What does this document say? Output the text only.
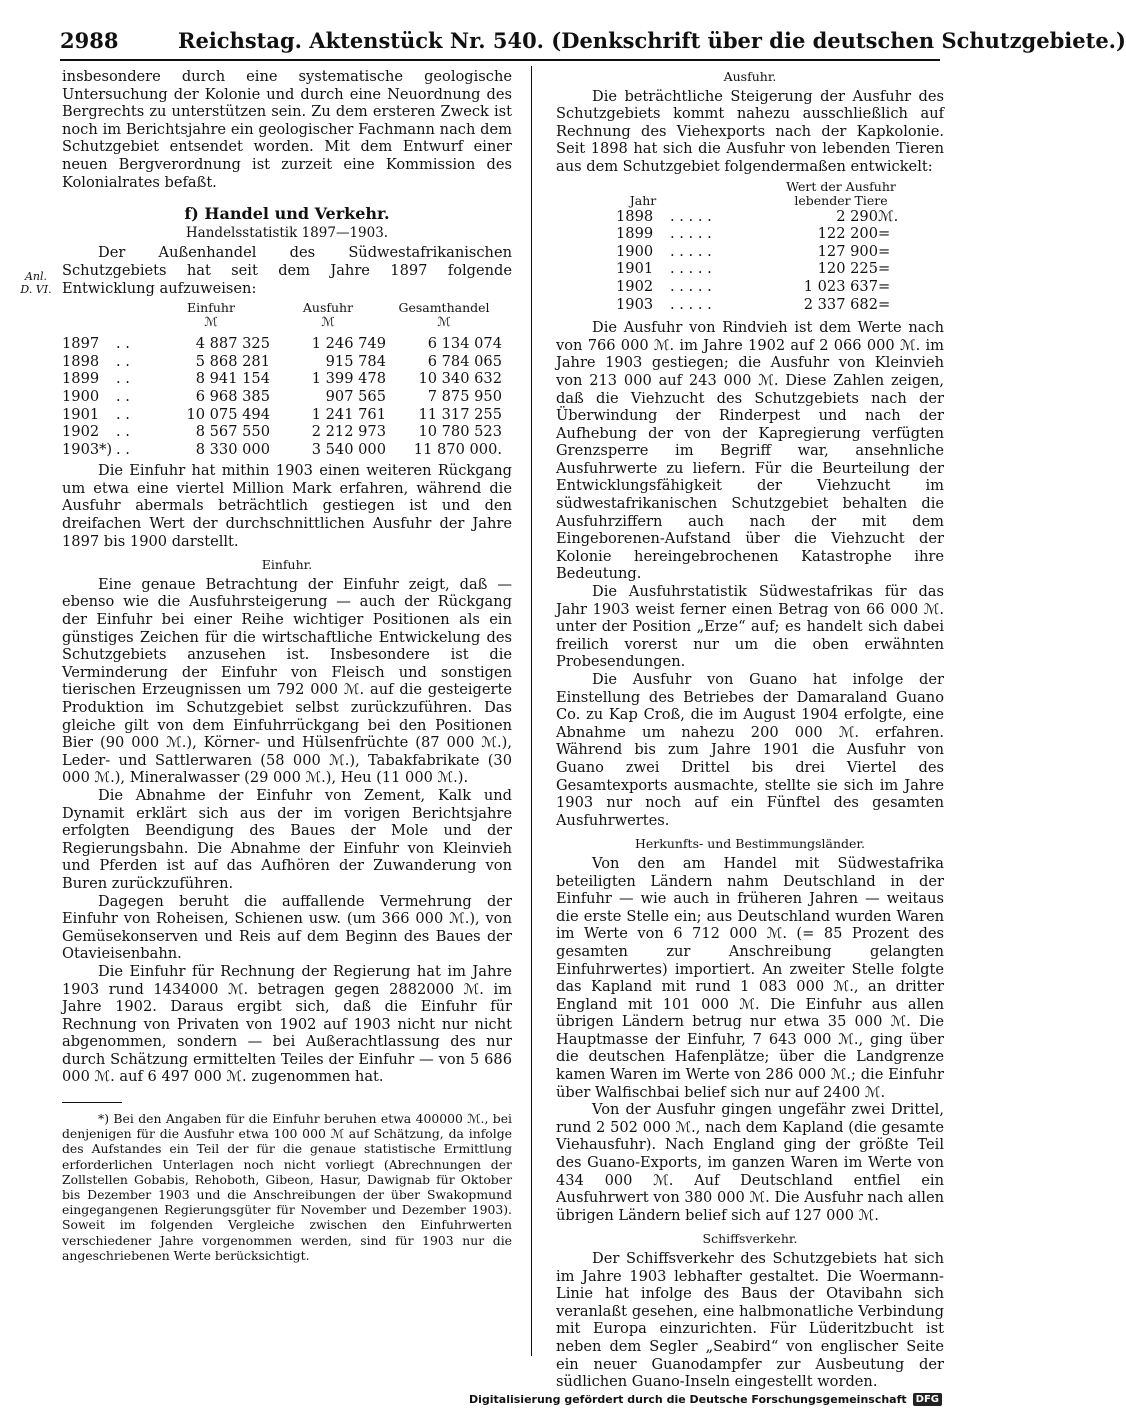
2988	Reichstag. Aktenstück Nr. 540. (Denkschrift über die deutschen Schutzgebiete.)
Anl.
D. VI.

insbesondere durch eine systematische geologische Untersuchung der Kolonie und durch eine Neuordnung des Bergrechts zu unterstützen sein. Zu dem ersteren Zweck ist noch im Berichtsjahre ein geologischer Fachmann nach dem Schutzgebiet entsendet worden. Mit dem Entwurf einer neuen Bergverordnung ist zurzeit eine Kommission des Kolonialrates befaßt.

f) Handel und Verkehr.
Handelsstatistik 1897—1903.

Der Außenhandel des Südwestafrikanischen Schutzgebiets hat seit dem Jahre 1897 folgende Entwicklung aufzuweisen:

		Einfuhr	Ausfuhr	Gesamthandel
		ℳ	ℳ	ℳ

1897	. .	4 887 325	1 246 749	6 134 074
1898	. .	5 868 281	915 784	6 784 065
1899	. .	8 941 154	1 399 478	10 340 632
1900	. .	6 968 385	907 565	7 875 950
1901	. .	10 075 494	1 241 761	11 317 255
1902	. .	8 567 550	2 212 973	10 780 523
1903*)	. .	8 330 000	3 540 000	11 870 000.

Die Einfuhr hat mithin 1903 einen weiteren Rückgang um etwa eine viertel Million Mark erfahren, während die Ausfuhr abermals beträchtlich gestiegen ist und den dreifachen Wert der durchschnittlichen Ausfuhr der Jahre 1897 bis 1900 darstellt.

Einfuhr.

Eine genaue Betrachtung der Einfuhr zeigt, daß — ebenso wie die Ausfuhrsteigerung — auch der Rückgang der Einfuhr bei einer Reihe wichtiger Positionen als ein günstiges Zeichen für die wirtschaftliche Entwickelung des Schutzgebiets anzusehen ist. Insbesondere ist die Verminderung der Einfuhr von Fleisch und sonstigen tierischen Erzeugnissen um 792 000 ℳ. auf die gesteigerte Produktion im Schutzgebiet selbst zurückzuführen. Das gleiche gilt von dem Einfuhrrückgang bei den Positionen Bier (90 000 ℳ.), Körner- und Hülsenfrüchte (87 000 ℳ.), Leder- und Sattlerwaren (58 000 ℳ.), Tabakfabrikate (30 000 ℳ.), Mineralwasser (29 000 ℳ.), Heu (11 000 ℳ.).

Die Abnahme der Einfuhr von Zement, Kalk und Dynamit erklärt sich aus der im vorigen Berichtsjahre erfolgten Beendigung des Baues der Mole und der Regierungsbahn. Die Abnahme der Einfuhr von Kleinvieh und Pferden ist auf das Aufhören der Zuwanderung von Buren zurückzuführen.

Dagegen beruht die auffallende Vermehrung der Einfuhr von Roheisen, Schienen usw. (um 366 000 ℳ.), von Gemüsekonserven und Reis auf dem Beginn des Baues der Otavieisenbahn.

Die Einfuhr für Rechnung der Regierung hat im Jahre 1903 rund 1434000 ℳ. betragen gegen 2882000 ℳ. im Jahre 1902. Daraus ergibt sich, daß die Einfuhr für Rechnung von Privaten von 1902 auf 1903 nicht nur nicht abgenommen, sondern — bei Außerachtlassung des nur durch Schätzung ermittelten Teiles der Einfuhr — von 5 686 000 ℳ. auf 6 497 000 ℳ. zugenommen hat.

*) Bei den Angaben für die Einfuhr beruhen etwa 400000 ℳ., bei denjenigen für die Ausfuhr etwa 100 000 ℳ auf Schätzung, da infolge des Aufstandes ein Teil der für die genaue statistische Ermittlung erforderlichen Unterlagen noch nicht vorliegt (Abrechnungen der Zollstellen Gobabis, Rehoboth, Gibeon, Hasur, Dawignab für Oktober bis Dezember 1903 und die Anschreibungen der über Swakopmund eingegangenen Regierungsgüter für November und Dezember 1903). Soweit im folgenden Vergleiche zwischen den Einfuhrwerten verschiedener Jahre vorgenommen werden, sind für 1903 nur die angeschriebenen Werte berücksichtigt.

Ausfuhr.

Die beträchtliche Steigerung der Ausfuhr des Schutzgebiets kommt nahezu ausschließlich auf Rechnung des Viehexports nach der Kapkolonie. Seit 1898 hat sich die Ausfuhr von lebenden Tieren aus dem Schutzgebiet folgendermaßen entwickelt:

Jahr		Wert der Ausfuhr lebender Tiere	
1898	. . . . .	2 290	ℳ.
1899	. . . . .	122 200	=
1900	. . . . .	127 900	=
1901	. . . . .	120 225	=
1902	. . . . .	1 023 637	=
1903	. . . . .	2 337 682	=

Die Ausfuhr von Rindvieh ist dem Werte nach von 766 000 ℳ. im Jahre 1902 auf 2 066 000 ℳ. im Jahre 1903 gestiegen; die Ausfuhr von Kleinvieh von 213 000 auf 243 000 ℳ. Diese Zahlen zeigen, daß die Viehzucht des Schutzgebiets nach der Überwindung der Rinderpest und nach der Aufhebung der von der Kapregierung verfügten Grenzsperre im Begriff war, ansehnliche Ausfuhrwerte zu liefern. Für die Beurteilung der Entwicklungsfähigkeit der Viehzucht im südwestafrikanischen Schutzgebiet behalten die Ausfuhrziffern auch nach der mit dem Eingeborenen-Aufstand über die Viehzucht der Kolonie hereingebrochenen Katastrophe ihre Bedeutung.

Die Ausfuhrstatistik Südwestafrikas für das Jahr 1903 weist ferner einen Betrag von 66 000 ℳ. unter der Position „Erze“ auf; es handelt sich dabei freilich vorerst nur um die oben erwähnten Probesendungen.

Die Ausfuhr von Guano hat infolge der Einstellung des Betriebes der Damaraland Guano Co. zu Kap Croß, die im August 1904 erfolgte, eine Abnahme um nahezu 200 000 ℳ. erfahren. Während bis zum Jahre 1901 die Ausfuhr von Guano zwei Drittel bis drei Viertel des Gesamtexports ausmachte, stellte sie sich im Jahre 1903 nur noch auf ein Fünftel des gesamten Ausfuhrwertes.

Herkunfts- und Bestimmungsländer.

Von den am Handel mit Südwestafrika beteiligten Ländern nahm Deutschland in der Einfuhr — wie auch in früheren Jahren — weitaus die erste Stelle ein; aus Deutschland wurden Waren im Werte von 6 712 000 ℳ. (= 85 Prozent des gesamten zur Anschreibung gelangten Einfuhrwertes) importiert. An zweiter Stelle folgte das Kapland mit rund 1 083 000 ℳ., an dritter England mit 101 000 ℳ. Die Einfuhr aus allen übrigen Ländern betrug nur etwa 35 000 ℳ. Die Hauptmasse der Einfuhr, 7 643 000 ℳ., ging über die deutschen Hafenplätze; über die Landgrenze kamen Waren im Werte von 286 000 ℳ.; die Einfuhr über Walfischbai belief sich nur auf 2400 ℳ.

Von der Ausfuhr gingen ungefähr zwei Drittel, rund 2 502 000 ℳ., nach dem Kapland (die gesamte Viehausfuhr). Nach England ging der größte Teil des Guano-Exports, im ganzen Waren im Werte von 434 000 ℳ. Auf Deutschland entfiel ein Ausfuhrwert von 380 000 ℳ. Die Ausfuhr nach allen übrigen Ländern belief sich auf 127 000 ℳ.

Schiffsverkehr.

Der Schiffsverkehr des Schutzgebiets hat sich im Jahre 1903 lebhafter gestaltet. Die Woermann-Linie hat infolge des Baus der Otavibahn sich veranlaßt gesehen, eine halbmonatliche Verbindung mit Europa einzurichten. Für Lüderitzbucht ist neben dem Segler „Seabird“ von englischer Seite ein neuer Guanodampfer zur Ausbeutung der südlichen Guano-Inseln eingestellt worden.

Digitalisierung gefördert durch die Deutsche Forschungsgemeinschaft DFG
